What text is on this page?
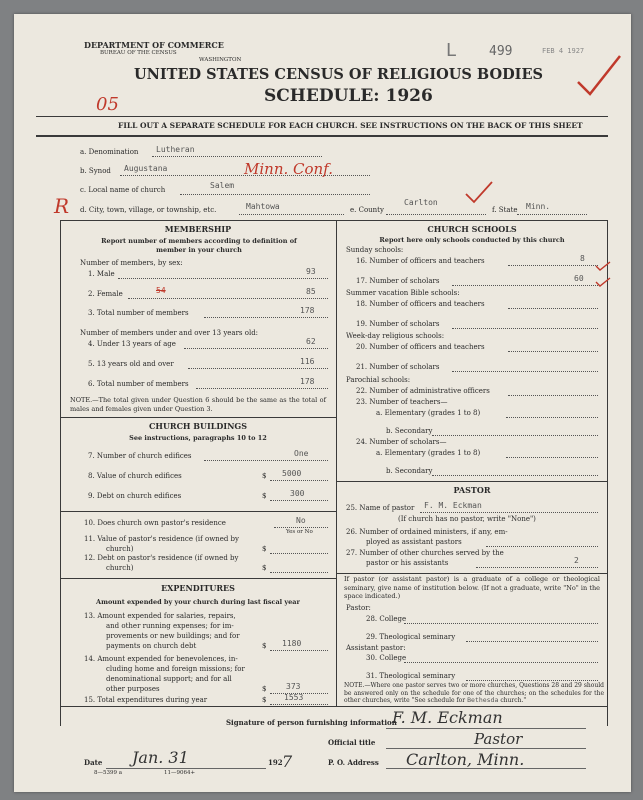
DEPARTMENT OF COMMERCE
BUREAU OF THE CENSUS
WASHINGTON
UNITED STATES CENSUS OF RELIGIOUS BODIES
SCHEDULE: 1926
L	499	FEB 4 1927
05
FILL OUT A SEPARATE SCHEDULE FOR EACH CHURCH. SEE INSTRUCTIONS ON THE BACK OF THIS SHEET
a. Denomination Lutheran
b. Synod Augustana	Minn. Conf.
c. Local name of church	Salem
d. City, town, village, or township, etc.	Mahtowa	e. County
Carlton
f. State Minn.
R
MEMBERSHIP
Report number of members according to definition of member in your church
Number of members, by sex:
1. Male	93
2. Female	54	85
3. Total number of members	178
Number of members under and over 13 years old:
4. Under 13 years of age	62
5. 13 years old and over	116
6. Total number of members	178
NOTE.—The total given under Question 6 should be the same as the total of males and females given under Question 3.
CHURCH BUILDINGS
See instructions, paragraphs 10 to 12
7. Number of church edifices	One
8. Value of church edifices	$ 5000
9. Debt on church edifices	$	300
10. Does church own pastor's residence	No
Yes or No
11. Value of pastor's residence (if owned by
church)	$
12. Debt on pastor's residence (if owned by
church)	$
EXPENDITURES
Amount expended by your church during last fiscal year
13. Amount expended for salaries, repairs,
and other running expenses; for im-
provements or new buildings; and for
payments on church debt	$ 1180
14. Amount expended for benevolences, in-
cluding home and foreign missions; for
denominational support; and for all
other purposes	$ 373
15. Total expenditures during year	$ 1553
CHURCH SCHOOLS
Report here only schools conducted by this church
Sunday schools:
16. Number of officers and teachers	8
17. Number of scholars	60
Summer vacation Bible schools:
18. Number of officers and teachers
19. Number of scholars
Week-day religious schools:
20. Number of officers and teachers
21. Number of scholars
Parochial schools:
22. Number of administrative officers
23. Number of teachers—
a. Elementary (grades 1 to 8)
b. Secondary
24. Number of scholars—
a. Elementary (grades 1 to 8)
b. Secondary
PASTOR
25. Name of pastor F. M. Eckman
(If church has no pastor, write "None")
26. Number of ordained ministers, if any, em-
ployed as assistant pastors
27. Number of other churches served by the
pastor or his assistants	2
If pastor (or assistant pastor) is a graduate of a college or theological seminary, give name of institution below. (If not a graduate, write "No" in the space indicated.)
Pastor:
28. College
29. Theological seminary
Assistant pastor:
30. College
31. Theological seminary
NOTE.—Where one pastor serves two or more churches, Questions 28 and 29 should be answered only on the schedule for one of the churches; on the schedules for the other churches, write "See schedule for Bethesda church."
Signature of person furnishing information
F. M. Eckman
Official title	Pastor
Date Jan. 31	192 7	P. O. Address Carlton, Minn.
8—5399 a	11—9064+
